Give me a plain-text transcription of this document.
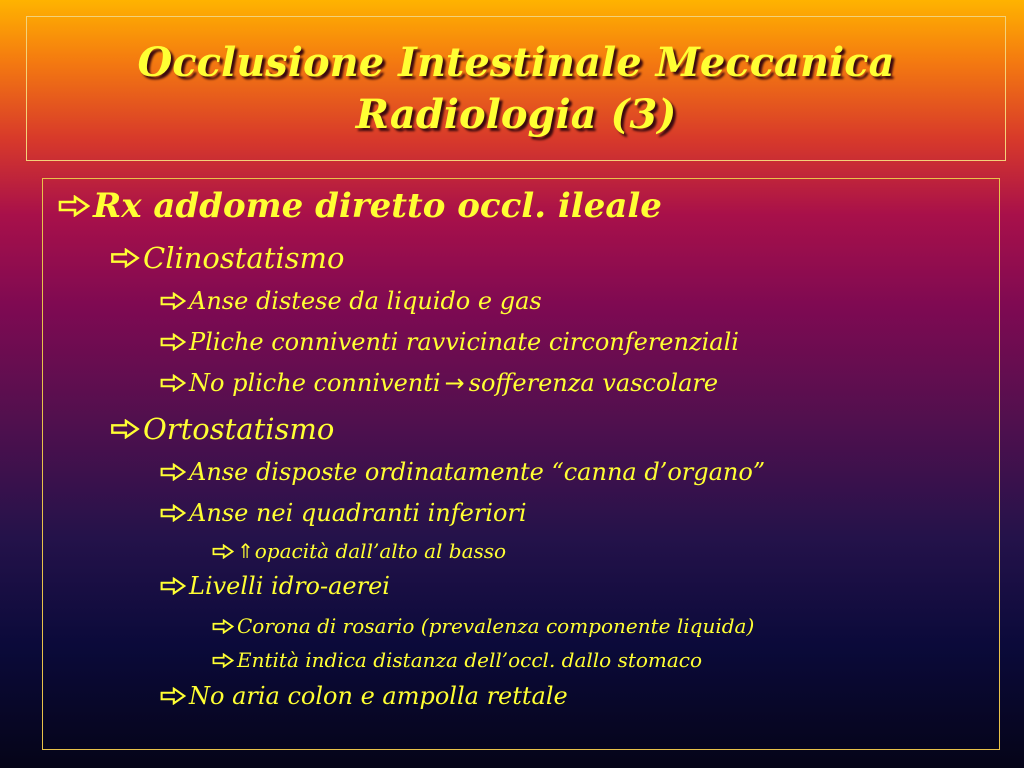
Occlusione Intestinale Meccanica
Radiologia (3)
Rx addome diretto occl. ileale
Clinostatismo
Anse distese da liquido e gas
Pliche conniventi ravvicinate circonferenziali
No pliche conniventi → sofferenza vascolare
Ortostatismo
Anse disposte ordinatamente “canna d’organo”
Anse nei quadranti inferiori
⇑ opacità dall’alto al basso
Livelli idro-aerei
Corona di rosario (prevalenza componente liquida)
Entità indica distanza dell’occl. dallo stomaco
No aria colon e ampolla rettale
